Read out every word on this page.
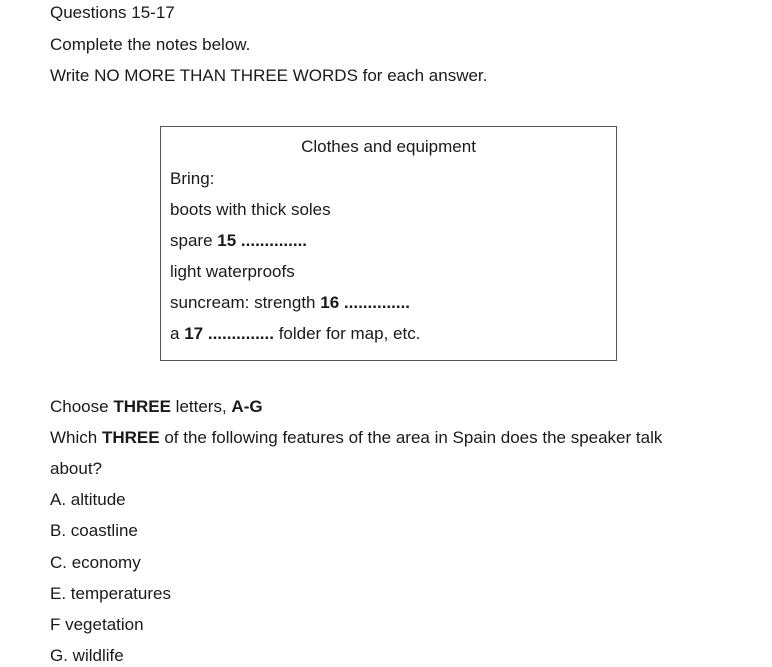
Questions 15-17
Complete the notes below.
Write NO MORE THAN THREE WORDS for each answer.
Clothes and equipment
Bring:
boots with thick soles
spare 15 ..............
light waterproofs
suncream: strength 16 ..............
a 17 .............. folder for map, etc.
Choose THREE letters, A-G
Which THREE of the following features of the area in Spain does the speaker talk
about?
A. altitude
B. coastline
C. economy
E. temperatures
F vegetation
G. wildlife
